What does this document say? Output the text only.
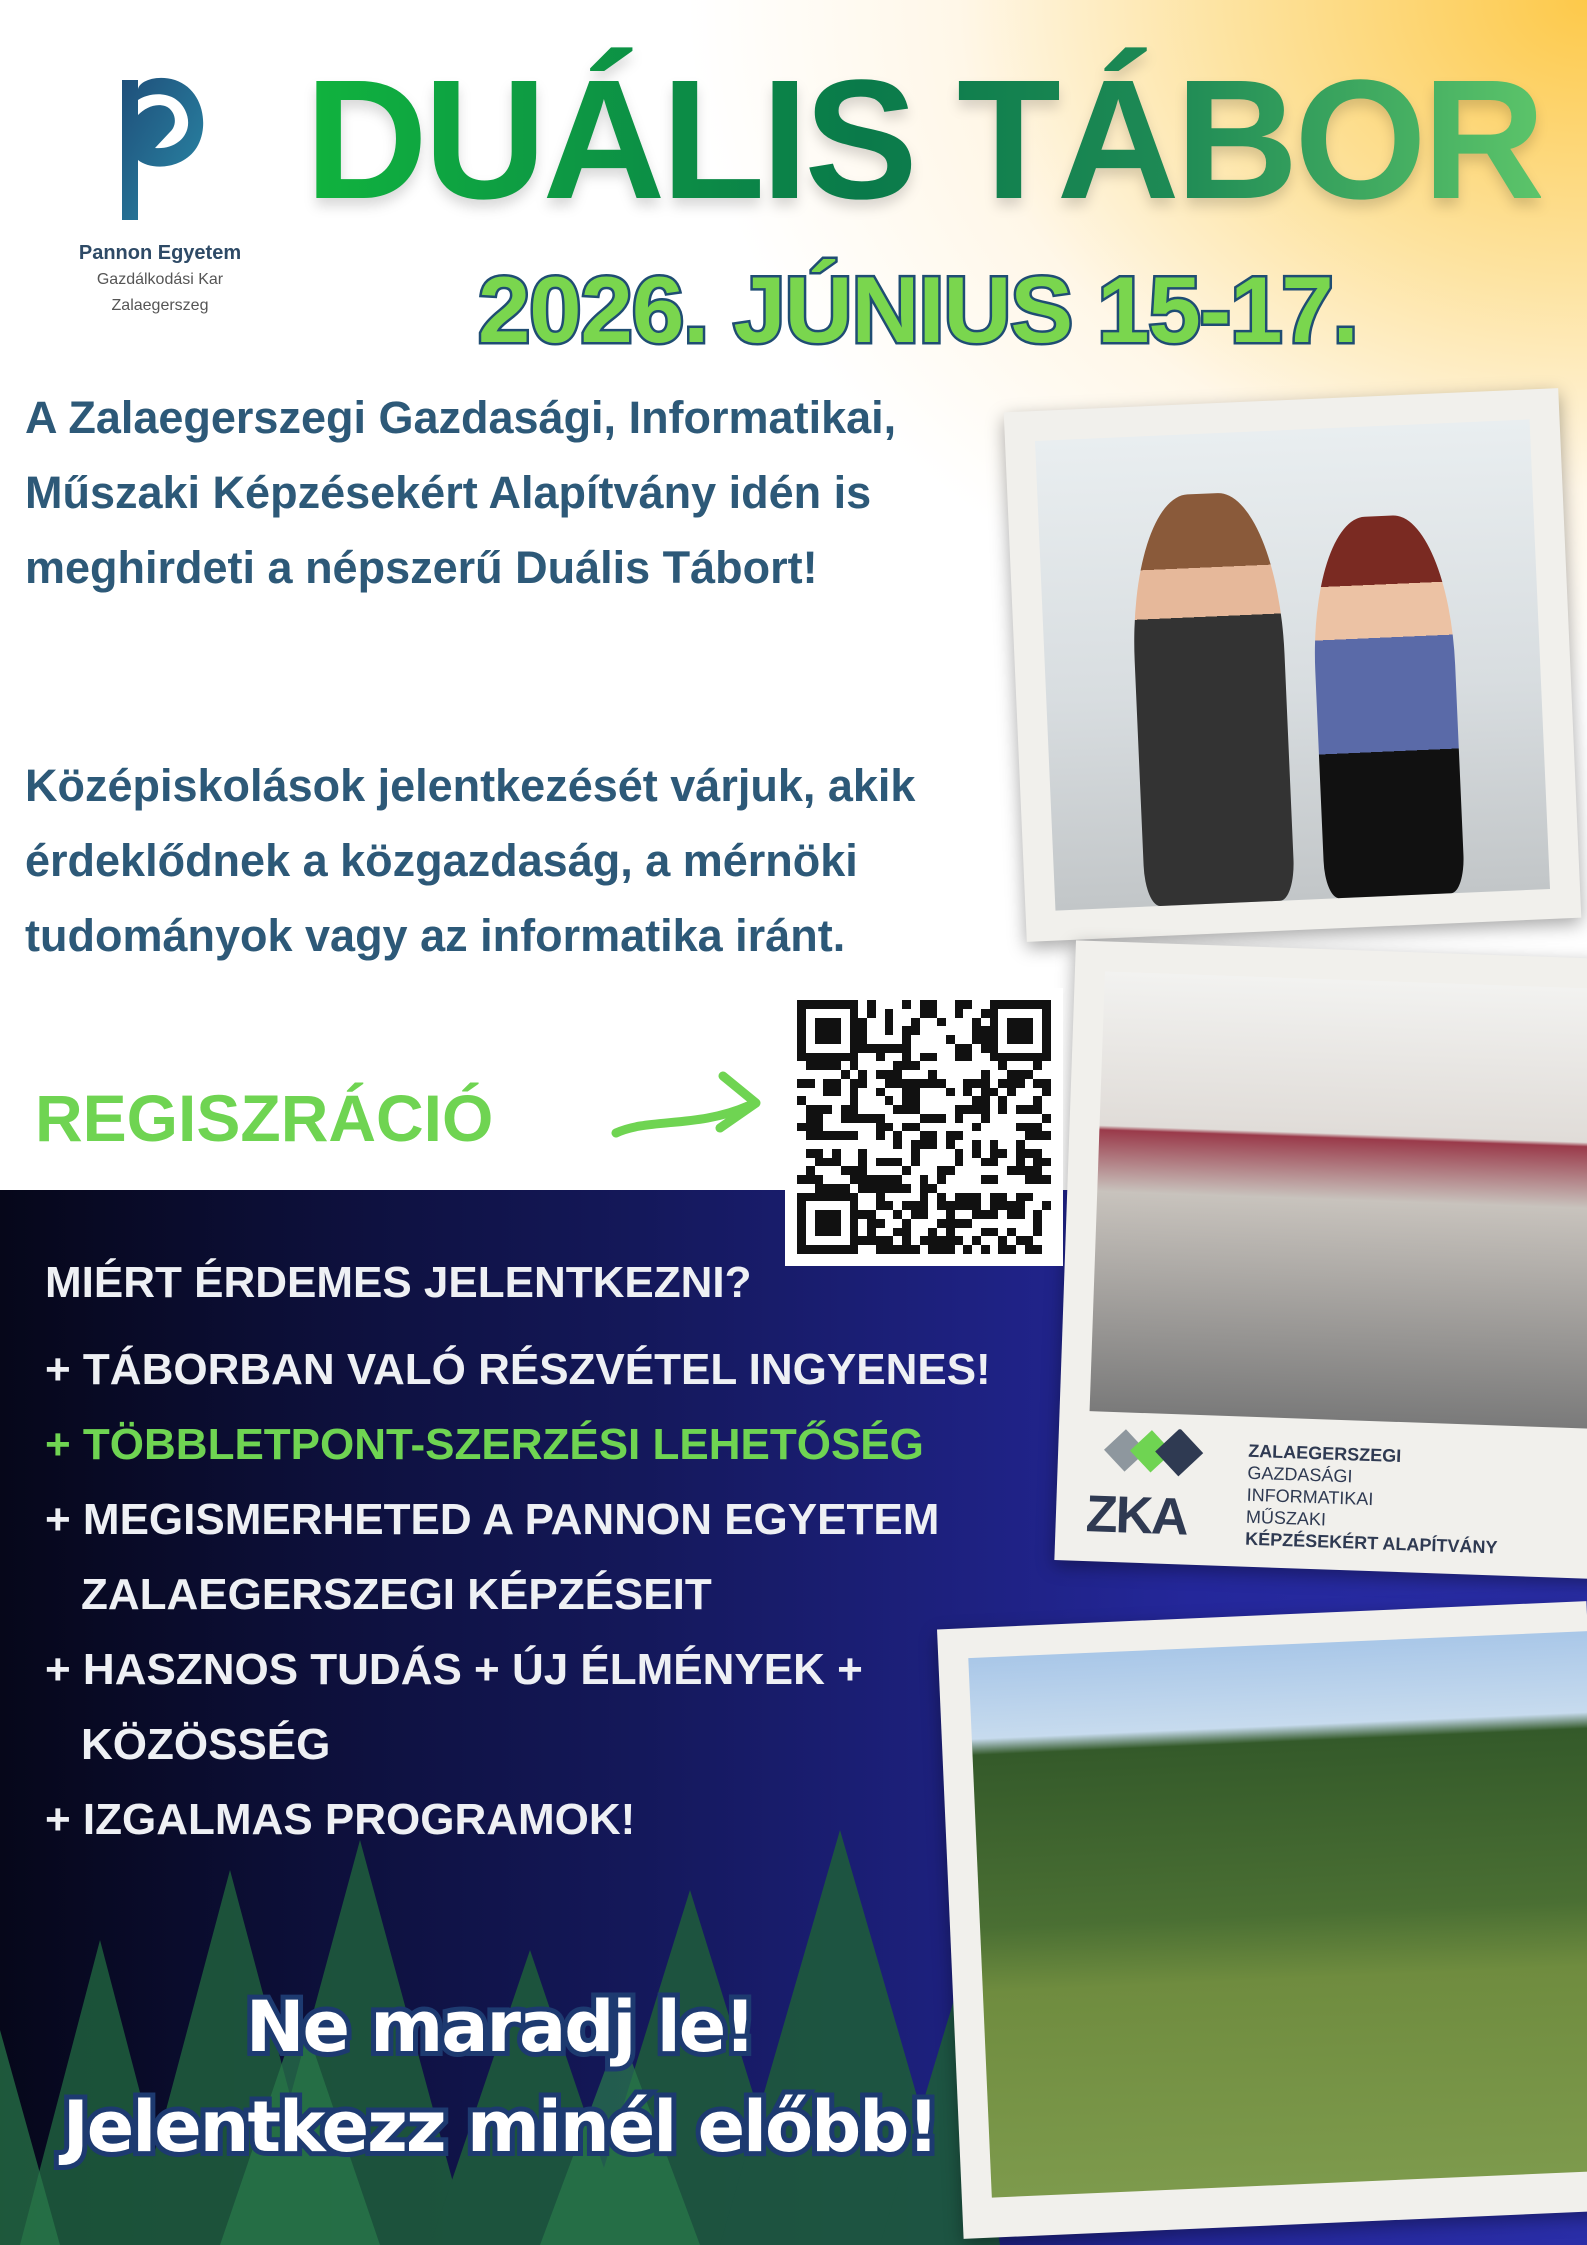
Pannon Egyetem
Gazdálkodási Kar
Zalaegerszeg
DUÁLIS TÁBOR
2026. JÚNIUS 15-17.
A Zalaegerszegi Gazdasági, Informatikai, Műszaki Képzésekért Alapítvány idén is meghirdeti a népszerű Duális Tábort!
Középiskolások jelentkezését várjuk, akik érdeklődnek a közgazdaság, a mérnöki tudományok vagy az informatika iránt.
REGISZRÁCIÓ
MIÉRT ÉRDEMES JELENTKEZNI?
+ TÁBORBAN VALÓ RÉSZVÉTEL INGYENES!
+ TÖBBLETPONT-SZERZÉSI LEHETŐSÉG
+ MEGISMERHETED A PANNON EGYETEM
ZALAEGERSZEGI KÉPZÉSEIT
+ HASZNOS TUDÁS + ÚJ ÉLMÉNYEK +
KÖZÖSSÉG
+ IZGALMAS PROGRAMOK!
Ne maradj le!
Jelentkezz minél előbb!
ZKA
ZALAEGERSZEGI
GAZDASÁGI
INFORMATIKAI
MŰSZAKI
KÉPZÉSEKÉRT ALAPÍTVÁNY
